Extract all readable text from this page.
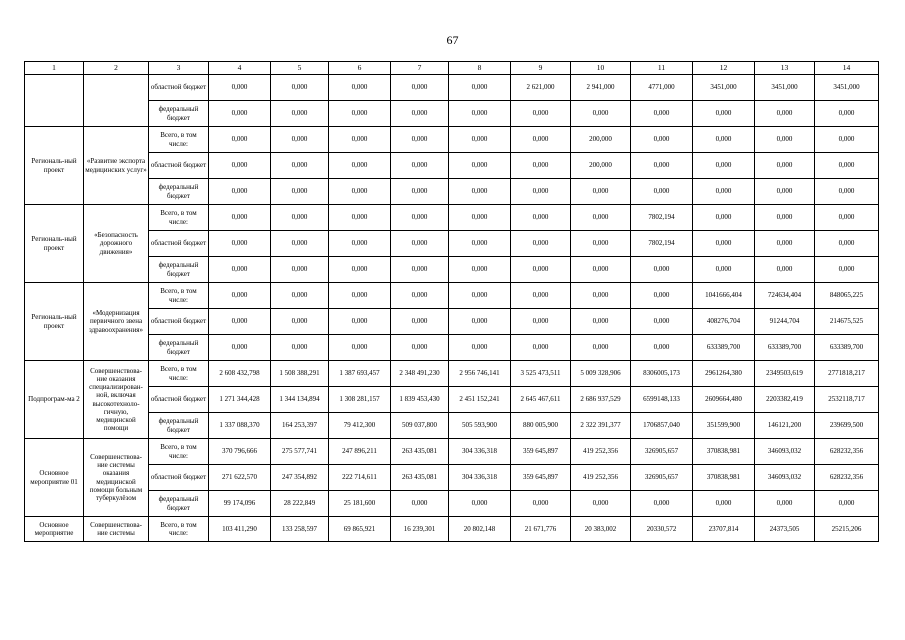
67
1	2	3	4	5	6	7	8	9	10	11	12	13	14
		областной бюджет	0,000	0,000	0,000	0,000	0,000	2 621,000	2 941,000	4771,000	3451,000	3451,000	3451,000
		федеральный бюджет	0,000	0,000	0,000	0,000	0,000	0,000	0,000	0,000	0,000	0,000	0,000
Региональ-ный проект	«Развитие экспорта медицинских услуг»	Всего, в том числе:	0,000	0,000	0,000	0,000	0,000	0,000	200,000	0,000	0,000	0,000	0,000
		областной бюджет	0,000	0,000	0,000	0,000	0,000	0,000	200,000	0,000	0,000	0,000	0,000
		федеральный бюджет	0,000	0,000	0,000	0,000	0,000	0,000	0,000	0,000	0,000	0,000	0,000
Региональ-ный проект	«Безопасность дорожного движения»	Всего, в том числе:	0,000	0,000	0,000	0,000	0,000	0,000	0,000	7802,194	0,000	0,000	0,000
		областной бюджет	0,000	0,000	0,000	0,000	0,000	0,000	0,000	7802,194	0,000	0,000	0,000
		федеральный бюджет	0,000	0,000	0,000	0,000	0,000	0,000	0,000	0,000	0,000	0,000	0,000
Региональ-ный проект	«Модернизация первичного звена здравоохранения»	Всего, в том числе:	0,000	0,000	0,000	0,000	0,000	0,000	0,000	0,000	1041666,404	724634,404	848065,225
		областной бюджет	0,000	0,000	0,000	0,000	0,000	0,000	0,000	0,000	408276,704	91244,704	214675,525
		федеральный бюджет	0,000	0,000	0,000	0,000	0,000	0,000	0,000	0,000	633389,700	633389,700	633389,700
Подпрограм-ма 2	Совершенствова-ние оказания специализирован-ной, включая высокотехноло-гичную, медицинской помощи	Всего, в том числе:	2 608 432,798	1 508 388,291	1 387 693,457	2 348 491,230	2 956 746,141	3 525 473,511	5 009 328,906	8306005,173	2961264,380	2349503,619	2771818,217
		областной бюджет	1 271 344,428	1 344 134,894	1 308 281,157	1 839 453,430	2 451 152,241	2 645 467,611	2 686 937,529	6599148,133	2609664,480	2203382,419	2532118,717
		федеральный бюджет	1 337 088,370	164 253,397	79 412,300	509 037,800	505 593,900	880 005,900	2 322 391,377	1706857,040	351599,900	146121,200	239699,500
Основное мероприятие 01	Совершенствова-ние системы оказания медицинской помощи больным туберкулёзом	Всего, в том числе:	370 796,666	275 577,741	247 896,211	263 435,081	304 336,318	359 645,897	419 252,356	326905,657	370838,981	346093,032	628232,356
		областной бюджет	271 622,570	247 354,892	222 714,611	263 435,081	304 336,318	359 645,897	419 252,356	326905,657	370838,981	346093,032	628232,356
		федеральный бюджет	99 174,096	28 222,849	25 181,600	0,000	0,000	0,000	0,000	0,000	0,000	0,000	0,000
Основное мероприятие	Совершенствова-ние системы	Всего, в том числе:	103 411,290	133 258,597	69 865,921	16 239,301	20 802,148	21 671,776	20 383,002	20330,572	23707,814	24373,505	25215,206
